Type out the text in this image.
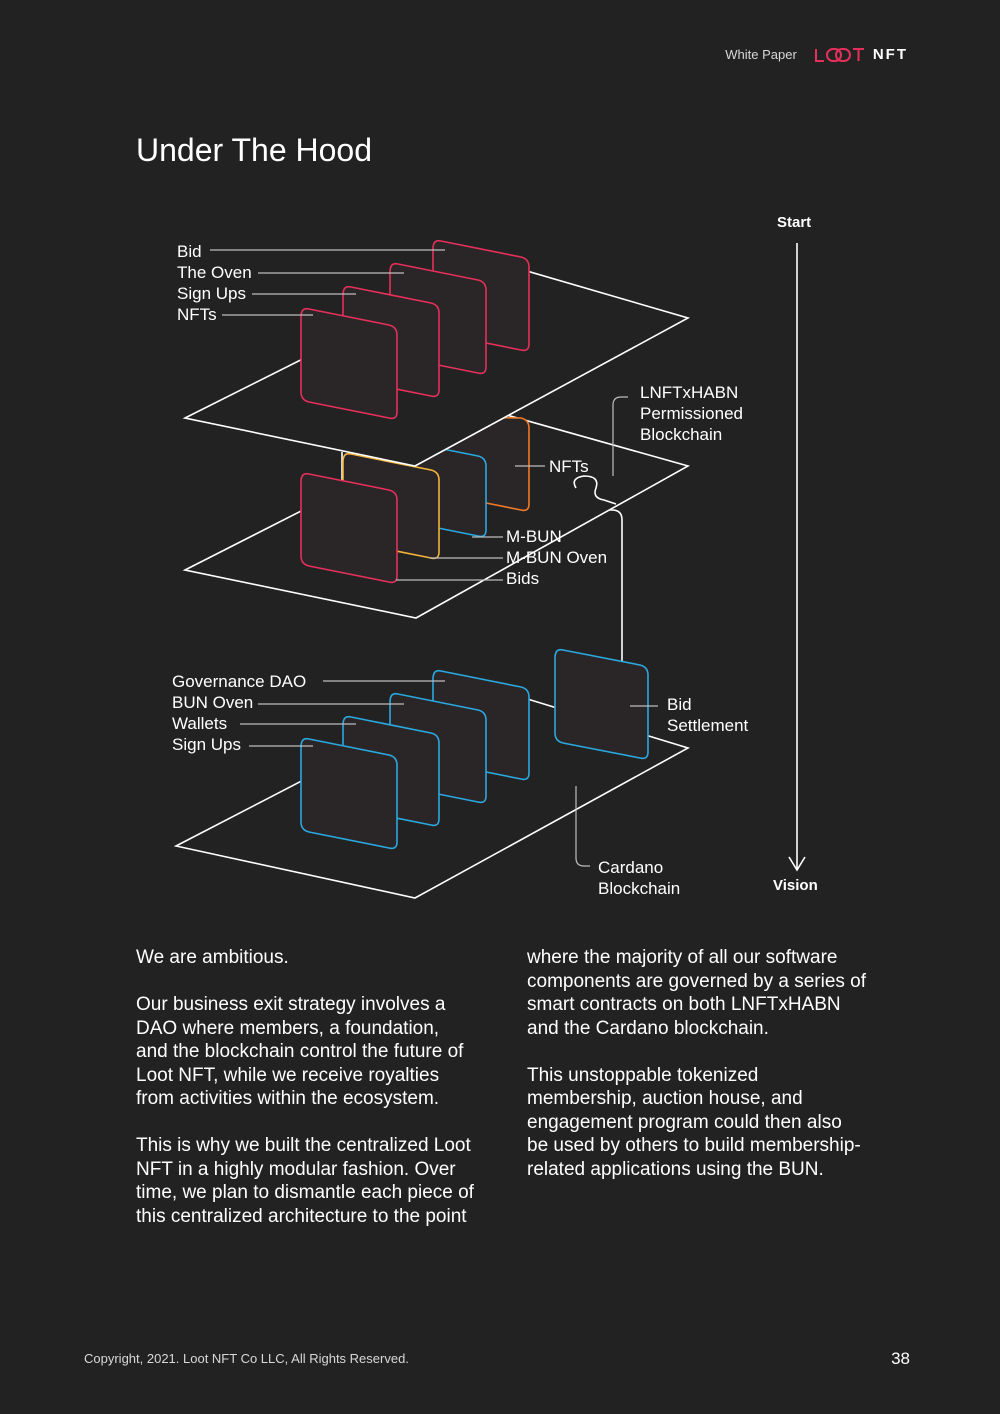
White Paper	NFT
Under The Hood
Start
Vision
Bid
The Oven
Sign Ups
NFTs
LNFTxHABN
Permissioned
Blockchain
NFTs
M-BUN
M-BUN Oven
Bids
Governance DAO
BUN Oven
Wallets
Sign Ups
Bid
Settlement
Cardano
Blockchain

We are ambitious.

Our business exit strategy involves a DAO where members, a foundation, and the blockchain control the future of Loot NFT, while we receive royalties from activities within the ecosystem.

This is why we built the centralized Loot NFT in a highly modular fashion. Over time, we plan to dismantle each piece of this centralized architecture to the point

where the majority of all our software components are governed by a series of smart contracts on both LNFTxHABN and the Cardano blockchain.

This unstoppable tokenized membership, auction house, and engagement program could then also be used by others to build membership-related applications using the BUN.

Copyright, 2021. Loot NFT Co LLC, All Rights Reserved.	38
